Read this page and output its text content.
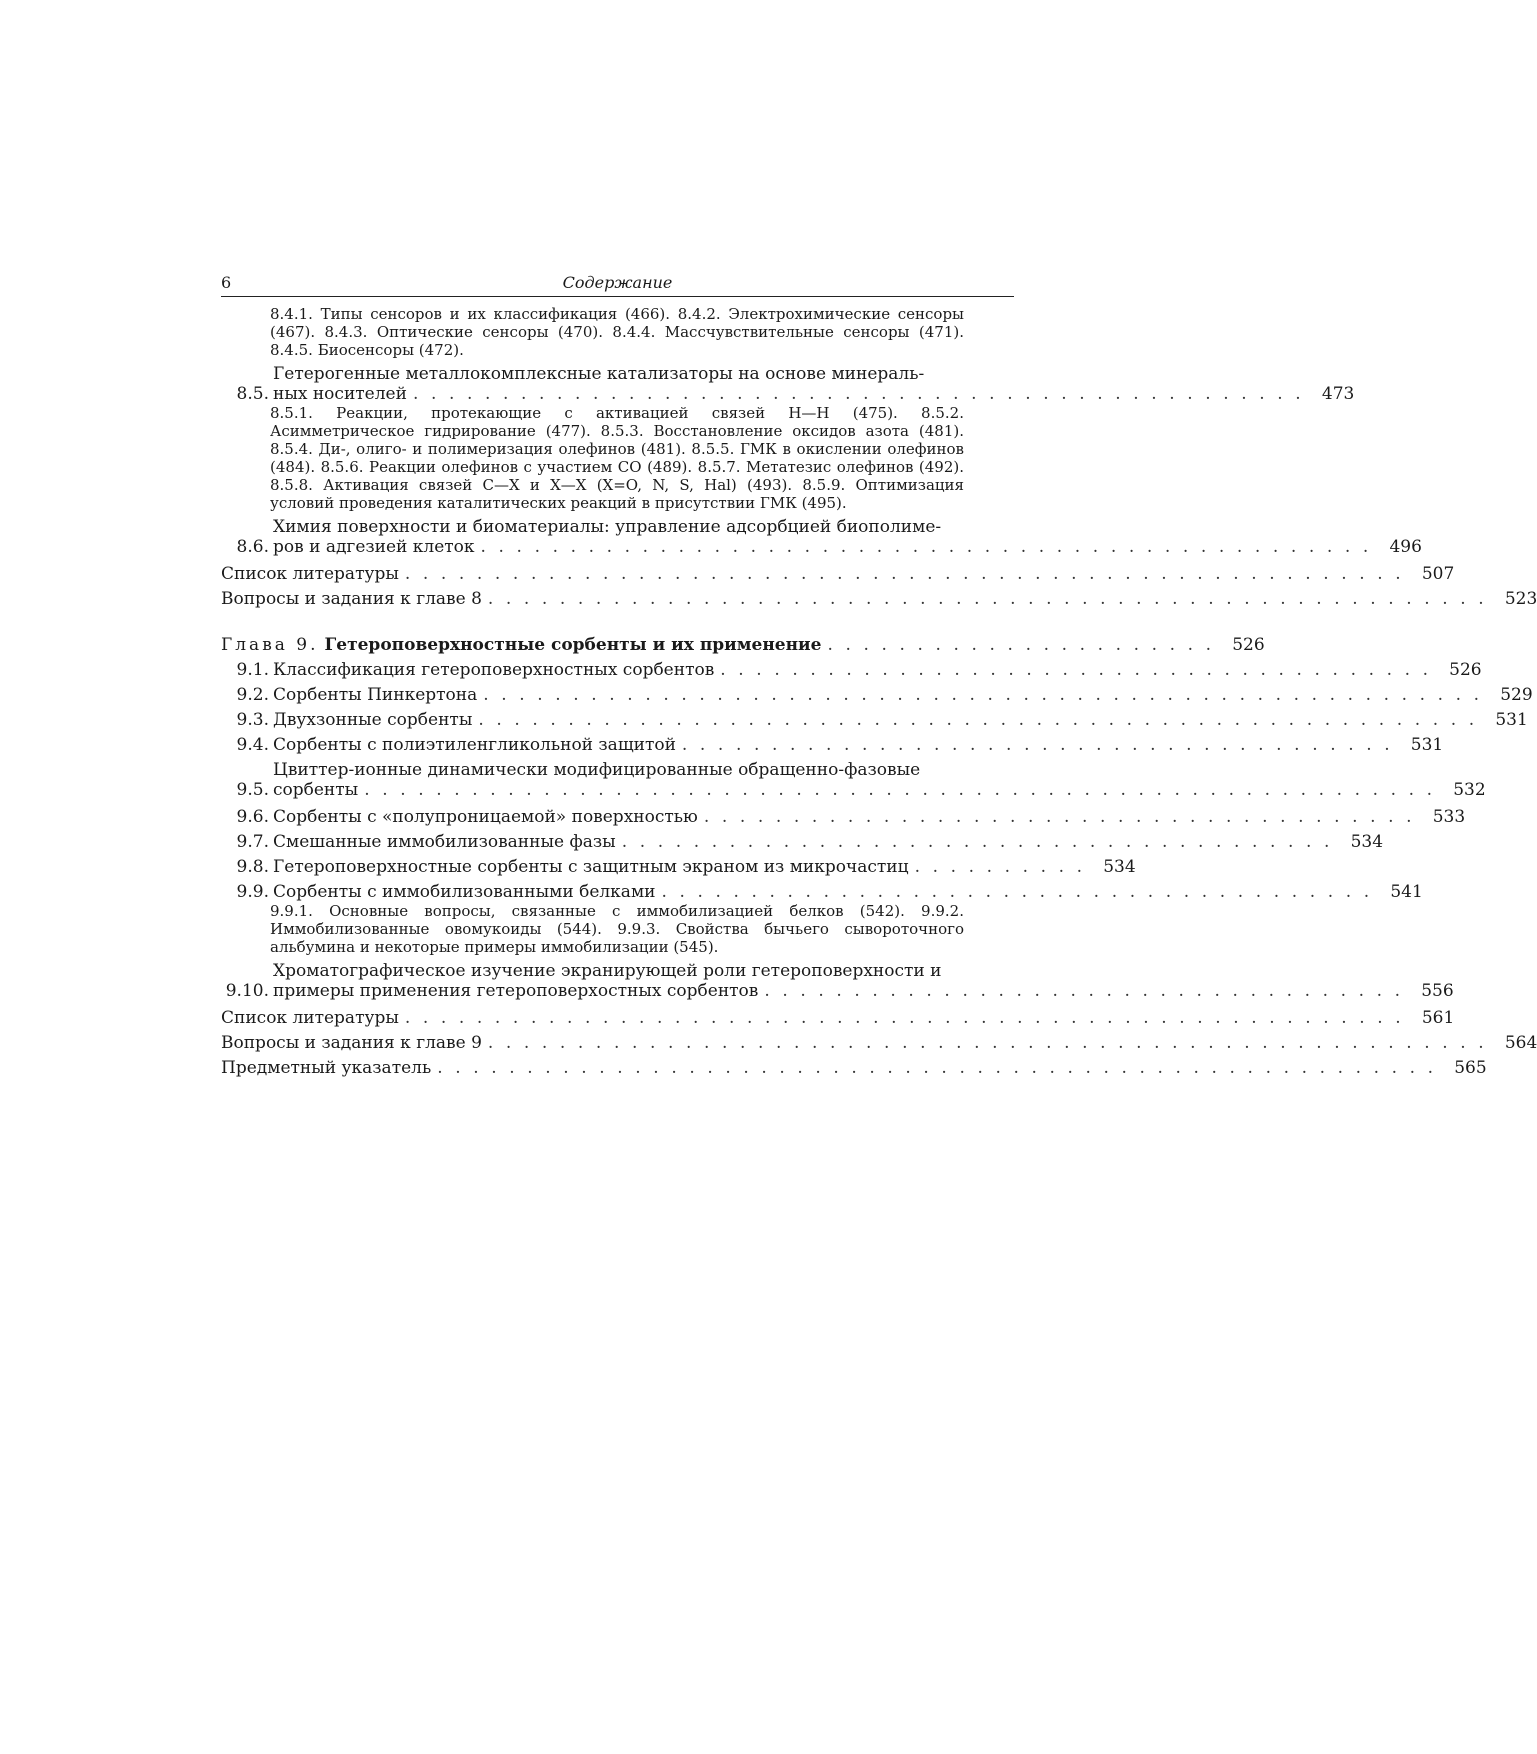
6	Содержание
8.4.1. Типы сенсоров и их классификация (466). 8.4.2. Электрохимические сенсоры (467). 8.4.3. Оптические сенсоры (470). 8.4.4. Массчувствительные сенсоры (471). 8.4.5. Биосенсоры (472).
8.5.
Гетерогенные металлокомплексные катализаторы на основе минераль-
ных носителей . . . . . . . . . . . . . . . . . . . . . . . . . . . . . . . . . . . . . . . . . . . . . . . . . .	473
8.5.1. Реакции, протекающие с активацией связей H—H (475). 8.5.2. Асимметрическое гидрирование (477). 8.5.3. Восстановление оксидов азота (481). 8.5.4. Ди-, олиго- и полимеризация олефинов (481). 8.5.5. ГМК в окислении олефинов (484). 8.5.6. Реакции олефинов с участием CO (489). 8.5.7. Метатезис олефинов (492). 8.5.8. Активация связей C—X и X—X (X=O, N, S, Hal) (493). 8.5.9. Оптимизация условий проведения каталитических реакций в присутствии ГМК (495).
8.6.
Химия поверхности и биоматериалы: управление адсорбцией биополиме-
ров и адгезией клеток . . . . . . . . . . . . . . . . . . . . . . . . . . . . . . . . . . . . . . . . . . . . . . . . . .	496
Список литературы . . . . . . . . . . . . . . . . . . . . . . . . . . . . . . . . . . . . . . . . . . . . . . . . . . . . . . . .	507
Вопросы и задания к главе 8 . . . . . . . . . . . . . . . . . . . . . . . . . . . . . . . . . . . . . . . . . . . . . . . . . . . . . . . .	523
Глава 9. Гетероповерхностные сорбенты и их применение . . . . . . . . . . . . . . . . . . . . . .	526
9.1. Классификация гетероповерхностных сорбентов . . . . . . . . . . . . . . . . . . . . . . . . . . . . . . . . . . . . . . . .	526
9.2. Сорбенты Пинкертона . . . . . . . . . . . . . . . . . . . . . . . . . . . . . . . . . . . . . . . . . . . . . . . . . . . . . . . .	529
9.3. Двухзонные сорбенты . . . . . . . . . . . . . . . . . . . . . . . . . . . . . . . . . . . . . . . . . . . . . . . . . . . . . . . .	531
9.4. Сорбенты с полиэтиленгликольной защитой . . . . . . . . . . . . . . . . . . . . . . . . . . . . . . . . . . . . . . . .	531
9.5.
Цвиттер-ионные динамически модифицированные обращенно-фазовые
сорбенты . . . . . . . . . . . . . . . . . . . . . . . . . . . . . . . . . . . . . . . . . . . . . . . . . . . . . . . . . . . .	532
9.6. Сорбенты с «полупроницаемой» поверхностью . . . . . . . . . . . . . . . . . . . . . . . . . . . . . . . . . . . . . . . .	533
9.7. Смешанные иммобилизованные фазы . . . . . . . . . . . . . . . . . . . . . . . . . . . . . . . . . . . . . . . .	534
9.8. Гетероповерхностные сорбенты с защитным экраном из микрочастиц . . . . . . . . . .	534
9.9. Сорбенты с иммобилизованными белками . . . . . . . . . . . . . . . . . . . . . . . . . . . . . . . . . . . . . . . .	541
9.9.1. Основные вопросы, связанные с иммобилизацией белков (542). 9.9.2. Иммобилизованные овомукоиды (544). 9.9.3. Свойства бычьего сывороточного альбумина и некоторые примеры иммобилизации (545).
9.10.
Хроматографическое изучение экранирующей роли гетероповерхности и
примеры применения гетероповерхостных сорбентов . . . . . . . . . . . . . . . . . . . . . . . . . . . . . . . . . . . .	556
Список литературы . . . . . . . . . . . . . . . . . . . . . . . . . . . . . . . . . . . . . . . . . . . . . . . . . . . . . . . .	561
Вопросы и задания к главе 9 . . . . . . . . . . . . . . . . . . . . . . . . . . . . . . . . . . . . . . . . . . . . . . . . . . . . . . . .	564
Предметный указатель . . . . . . . . . . . . . . . . . . . . . . . . . . . . . . . . . . . . . . . . . . . . . . . . . . . . . . . .	565
